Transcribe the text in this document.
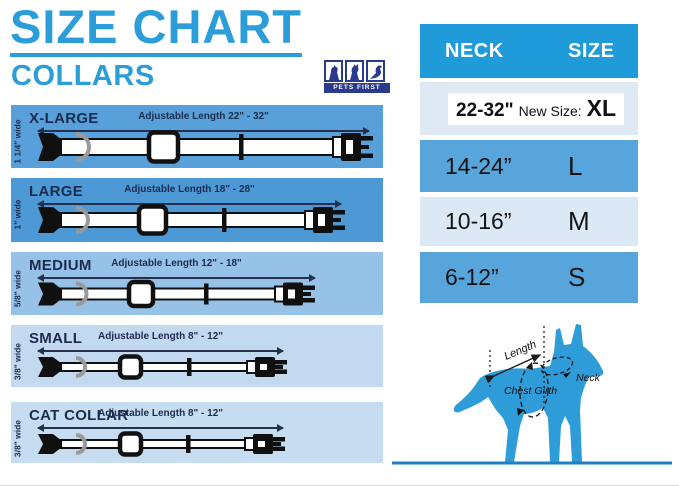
SIZE CHART
COLLARS	PETS FIRST
X-LARGE
1 1/4" wide
Adjustable Length 22" - 32"
LARGE
1" wide
Adjustable Length 18" - 28"
MEDIUM
5/8" wide
Adjustable Length 12" - 18"
SMALL
3/8" wide
Adjustable Length 8" - 12"
CAT COLLAR
3/8" wide
Adjustable Length 8" - 12"
NECK	SIZE
22-32" New Size: XL
14-24” L
10-16” M
6-12”	S
Length
Neck
Chest Girth
